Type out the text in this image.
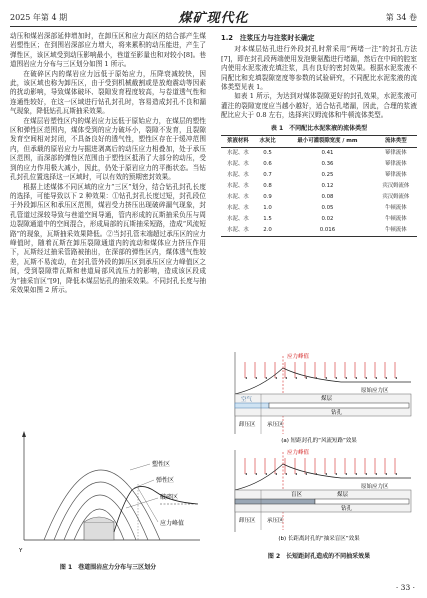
2025 年第 4 期	煤矿现代化	第 34 卷

动压和煤岩深部延伸增加时，在卸压区和应力高区的结合部产生煤岩塑性区；在到围岩深部应力增大，将来累积的动压能进，产生了弹性区，该区域受到动压影响最小，巷道至影量也和对较小[8]。巷道围岩应力分布与三区划分如图 1 所示。

在破碎区内的煤岩应力远低于原始应力，压降衰减较快，因此，该区域也称为卸压区，由于受到机械截割或是放炮震动等因素的扰动影响，导致煤体破坏、裂隙发育程度较高，与卷道透气性和连通性较好，在这一区域进行钻孔封孔时，容易造成封孔不良和漏气现象，降低钻孔瓦斯抽采效果。

在煤层岩塑性区内的煤岩应力远低于原始应力，在煤层的塑性区和弹性区范围内，煤体受到的应力破坏小，裂隙不发育，且裂隙发育空间相对封闭，不具备良好的透气性，塑性区存在于缓冲范围内，但承载的原岩应力与掘进剥离后的动压应力相叠加，处于承压区范围，而深部的弹性区范围由于塑性区抵消了大部分的动压，受到的应力作用极大减小，因此，仍处于原岩应力的平衡状态。当钻孔封孔位置选择这一区域时，可以有效的预期密封效果。

根据上述煤体不同区域的应力“三区”划分，结合钻孔封孔长度的选择，可能导致以下 2 种效果：①钻孔封孔长度过短，封孔段位于外段卸压区和承压区范围，煤岩受力挤压出现破碎漏气现象，封孔管道过深较导致与巷道空间导通，管内形成的瓦斯抽采负压与周边裂隙通道中的空间混合，形成局部的瓦斯抽采短路，造成“风流短路”的现象，瓦斯抽采效果降低。②当封孔管末端超过承压区的应力峰值时，随着瓦斯在卸压裂隙通道内的流动和煤体应力挤压作用下，瓦斯经过抽采管路被抽出，在深部的弹性区内，煤体透气性较差，瓦斯不易流动，在封孔管外段的卸压区到承压区应力峰值区之间，受到裂隙带瓦斯和巷道局部风流压力的影响，造成该区段成为“抽采盲区”[9]，降低本煤层钻孔的抽采效果。不同封孔长度与抽采效果如图 2 所示。

塑性区
弹性区
破碎区
应力峰值
Y
图 1　巷道围岩应力分布与三区划分
1.2　注浆压力与注浆时长确定

对本煤层钻孔进行外段封孔时常采用“两堵一注”的封孔方法[7]，即在封孔段两端使用发泡聚氨酯进行堵漏，然后在中间的腔室内使用水泥浆液充填注浆，具有良好的密封效果。根据水泥浆液不同配比和充填裂隙宽度等参数的试验研究，不同配比水泥浆液的流体类型见表 1。

如表 1 所示，为达到对煤体裂隙更好的封孔效果，水泥浆液可灌注的裂隙宽度应当越小越好，适合钻孔堵漏，因此，合理的浆液配比应大于 0.8 左右，选择宾汉姆流体和牛顿流体类型。

表 1　不同配比水泥浆液的流体类型
浆液材料	水灰比	最小可灌裂隙宽度 / mm	流体类型
水泥、水	0.5	0.41	幂律流体
水泥、水	0.6	0.36	幂律流体
水泥、水	0.7	0.25	幂律流体
水泥、水	0.8	0.12	宾汉姆流体
水泥、水	0.9	0.08	宾汉姆流体
水泥、水	1.0	0.05	牛顿流体
水泥、水	1.5	0.02	牛顿流体
水泥、水	2.0	0.016	牛顿流体
应力峰值
原始应力区
卸压区 承压区
煤层
空气
钻孔
(a) 短距封孔的“风流短路”效果
应力峰值
原始应力区
卸压区 承压区
煤层
盲区
钻孔
(b) 长距离封孔的“抽采盲区”效果
图 2　长短距封孔造成的不同抽采效果
· 33 ·
